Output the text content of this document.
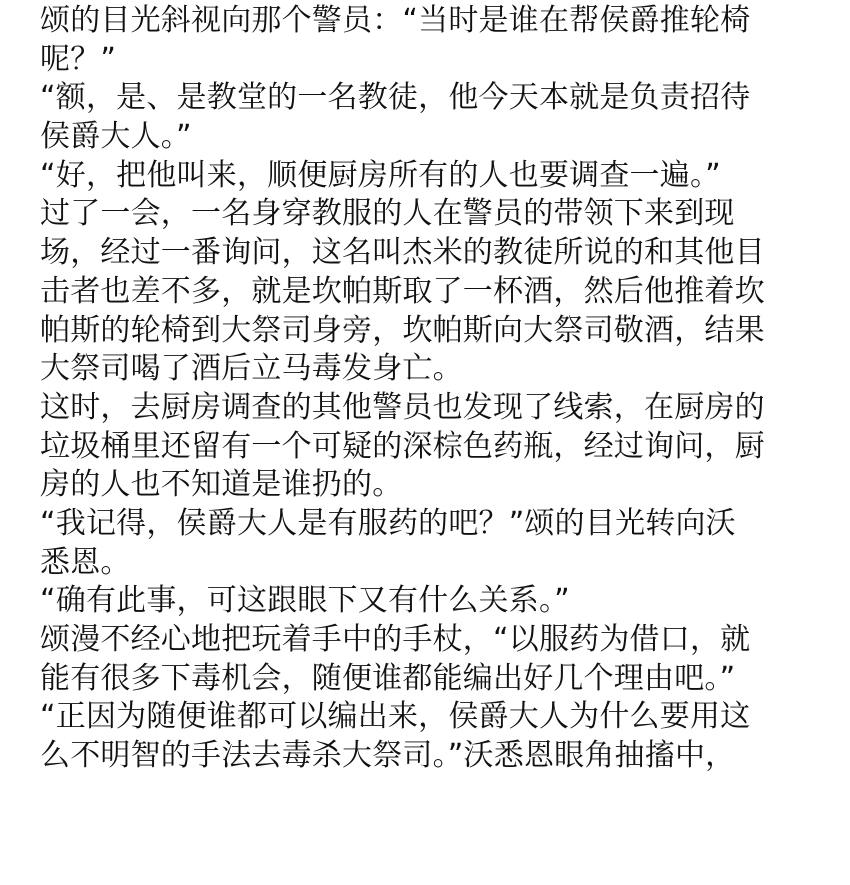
颂的目光斜视向那个警员：“当时是谁在帮侯爵推轮椅
呢？”
“额，是、是教堂的一名教徒，他今天本就是负责招待
侯爵大人。”
“好，把他叫来，顺便厨房所有的人也要调查一遍。”
过了一会，一名身穿教服的人在警员的带领下来到现
场，经过一番询问，这名叫杰米的教徒所说的和其他目
击者也差不多，就是坎帕斯取了一杯酒，然后他推着坎
帕斯的轮椅到大祭司身旁，坎帕斯向大祭司敬酒，结果
大祭司喝了酒后立马毒发身亡。
这时，去厨房调查的其他警员也发现了线索，在厨房的
垃圾桶里还留有一个可疑的深棕色药瓶，经过询问，厨
房的人也不知道是谁扔的。
“我记得，侯爵大人是有服药的吧？”颂的目光转向沃
悉恩。
“确有此事，可这跟眼下又有什么关系。”
颂漫不经心地把玩着手中的手杖，“以服药为借口，就
能有很多下毒机会，随便谁都能编出好几个理由吧。”
“正因为随便谁都可以编出来，侯爵大人为什么要用这
么不明智的手法去毒杀大祭司。”沃悉恩眼角抽搐中，
